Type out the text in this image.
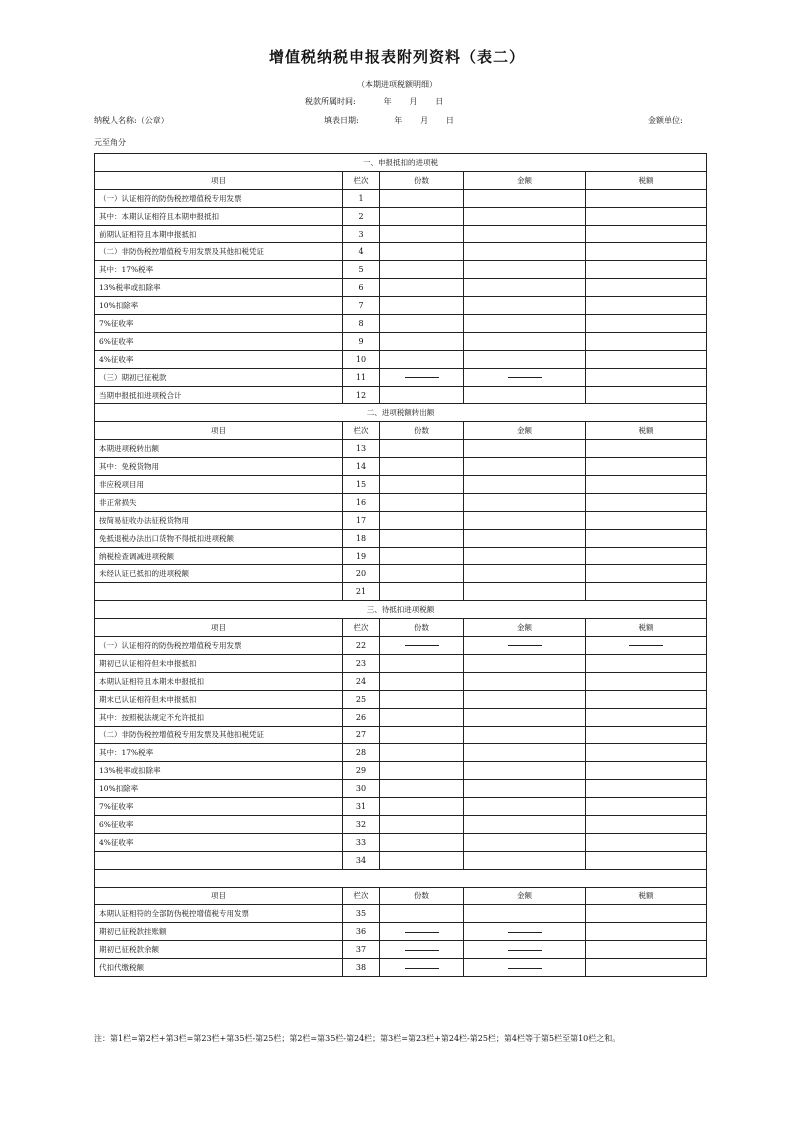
增值税纳税申报表附列资料（表二）
（本期进项税额明细）
税款所属时间:           年       月       日
纳税人名称:（公章）	填表日期:              年       月       日	金额单位:
元至角分
一、申报抵扣的进项税				
项目	栏次	份数	金额	税额
（一）认证相符的防伪税控增值税专用发票	1			
其中：本期认证相符且本期申报抵扣	2			
前期认证相符且本期申报抵扣	3			
（二）非防伪税控增值税专用发票及其他扣税凭证	4			
其中：17%税率	5			
13%税率或扣除率	6			
10%扣除率	7			
7%征收率	8			
6%征收率	9			
4%征收率	10			
（三）期初已征税款	11			
当期申报抵扣进项税合计	12			
二、进项税额转出额				
项目	栏次	份数	金额	税额
本期进项税转出额	13			
其中：免税货物用	14			
非应税项目用	15			
非正常损失	16			
按简易征收办法征税货物用	17			
免抵退税办法出口货物不得抵扣进项税额	18			
纳税检查调减进项税额	19			
未经认证已抵扣的进项税额	20			
	21			
三、待抵扣进项税额				
项目	栏次	份数	金额	税额
（一）认证相符的防伪税控增值税专用发票	22			
期初已认证相符但未申报抵扣	23			
本期认证相符且本期未申报抵扣	24			
期末已认证相符但未申报抵扣	25			
其中：按照税法规定不允许抵扣	26			
（二）非防伪税控增值税专用发票及其他扣税凭证	27			
其中：17%税率	28			
13%税率或扣除率	29			
10%扣除率	30			
7%征收率	31			
6%征收率	32			
4%征收率	33			
	34			

项目	栏次	份数	金额	税额
本期认证相符的全部防伪税控增值税专用发票	35			
期初已征税款挂账额	36			
期初已征税款余额	37			
代扣代缴税额	38			
注：第1栏=第2栏+第3栏=第23栏+第35栏-第25栏；第2栏=第35栏-第24栏；第3栏=第23栏+第24栏-第25栏；第4栏等于第5栏至第10栏之和。
